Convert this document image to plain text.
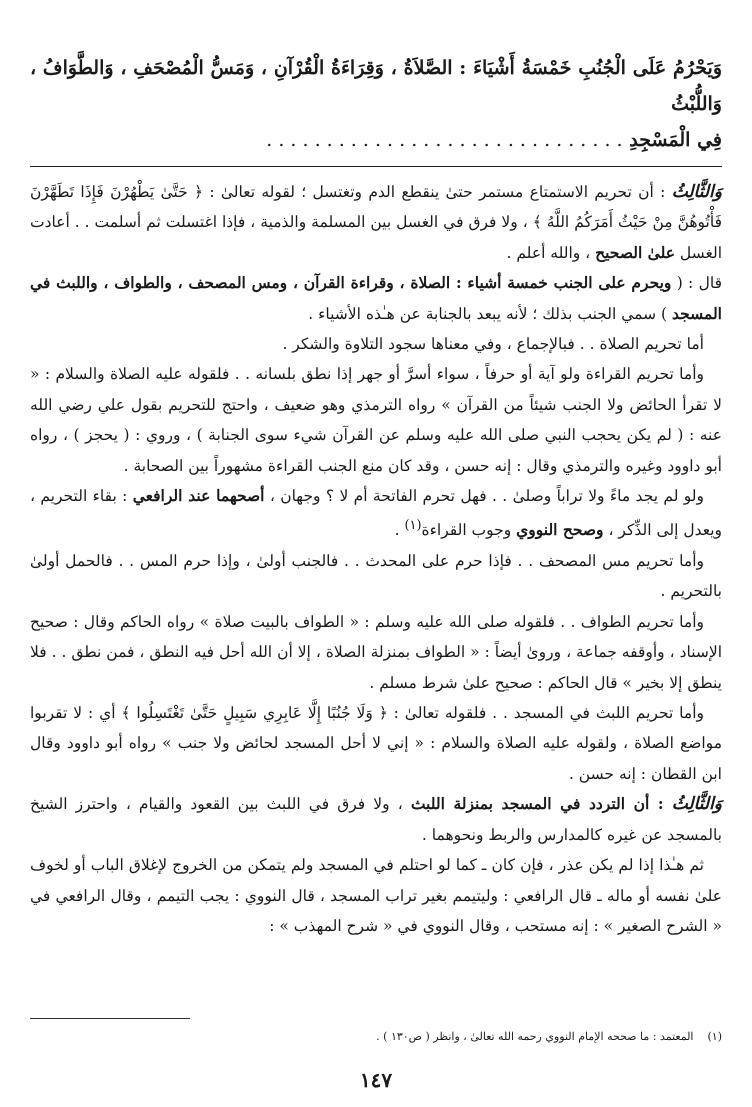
وَيَحْرُمُ عَلَى الْجُنُبِ خَمْسَةُ أَشْيَاءَ : الصَّلاَةُ ، وَقِرَاءَةُ الْقُرْآنِ ، وَمَسُّ الْمُصْحَفِ ، وَالطَّوَافُ ، وَاللُّبْثُ
فِي الْمَسْجِدِ . . . . . . . . . . . . . . . . . . . . . . . . . . . . . .

وَالثَّالِثُ : أن تحريم الاستمتاع مستمر حتىٰ ينقطع الدم وتغتسل ؛ لقوله تعالىٰ : ﴿ حَتَّىٰ يَطْهُرْنَ فَإِذَا تَطَهَّرْنَ فَأْتُوهُنَّ مِنْ حَيْثُ أَمَرَكُمُ اللَّهُ ﴾ ، ولا فرق في الغسل بين المسلمة والذمية ، فإذا اغتسلت ثم أسلمت . . أعادت الغسل علىٰ الصحيح ، والله أعلم .

قال : ( ويحرم على الجنب خمسة أشياء : الصلاة ، وقراءة القرآن ، ومس المصحف ، والطواف ، واللبث في المسجد ) سمي الجنب بذلك ؛ لأنه يبعد بالجنابة عن هـٰذه الأشياء .

أما تحريم الصلاة . . فبالإجماع ، وفي معناها سجود التلاوة والشكر .

وأما تحريم القراءة ولو آية أو حرفاً ، سواء أسرَّ أو جهر إذا نطق بلسانه . . فلقوله عليه الصلاة والسلام : « لا تقرأ الحائض ولا الجنب شيئاً من القرآن » رواه الترمذي وهو ضعيف ، واحتج للتحريم بقول علي رضي الله عنه : ( لم يكن يحجب النبي صلى الله عليه وسلم عن القرآن شيء سوى الجنابة ) ، وروي : ( يحجز ) ، رواه أبو داوود وغيره والترمذي وقال : إنه حسن ، وقد كان منع الجنب القراءة مشهوراً بين الصحابة .

ولو لم يجد ماءً ولا تراباً وصلىٰ . . فهل تحرم الفاتحة أم لا ؟ وجهان ، أصحهما عند الرافعي : بقاء التحريم ، ويعدل إلى الذِّكر ، وصحح النووي وجوب القراءة$^{(١)}$ .

وأما تحريم مس المصحف . . فإذا حرم على المحدث . . فالجنب أولىٰ ، وإذا حرم المس . . فالحمل أولىٰ بالتحريم .

وأما تحريم الطواف . . فلقوله صلى الله عليه وسلم : « الطواف بالبيت صلاة » رواه الحاكم وقال : صحيح الإسناد ، وأوقفه جماعة ، وروىٰ أيضاً : « الطواف بمنزلة الصلاة ، إلا أن الله أحل فيه النطق ، فمن نطق . . فلا ينطق إلا بخير » قال الحاكم : صحيح علىٰ شرط مسلم .

وأما تحريم اللبث في المسجد . . فلقوله تعالىٰ : ﴿ وَلَا جُنُبًا إِلَّا عَابِرِي سَبِيلٍ حَتَّىٰ تَغْتَسِلُوا ﴾ أي : لا تقربوا مواضع الصلاة ، ولقوله عليه الصلاة والسلام : « إني لا أحل المسجد لحائض ولا جنب » رواه أبو داوود وقال ابن القطان : إنه حسن .

وَالثَّالِثُ : أن التردد في المسجد بمنزلة اللبث ، ولا فرق في اللبث بين القعود والقيام ، واحترز الشيخ بالمسجد عن غيره كالمدارس والربط ونحوهما .

ثم هـٰذا إذا لم يكن عذر ، فإن كان ـ كما لو احتلم في المسجد ولم يتمكن من الخروج لإغلاق الباب أو لخوف علىٰ نفسه أو ماله ـ قال الرافعي : وليتيمم بغير تراب المسجد ، قال النووي : يجب التيمم ، وقال الرافعي في « الشرح الصغير » : إنه مستحب ، وقال النووي في « شرح المهذب » :

(١)    المعتمد : ما صححه الإمام النووي رحمه الله تعالىٰ ، وانظر ( ص١٣٠ ) .
١٤٧
